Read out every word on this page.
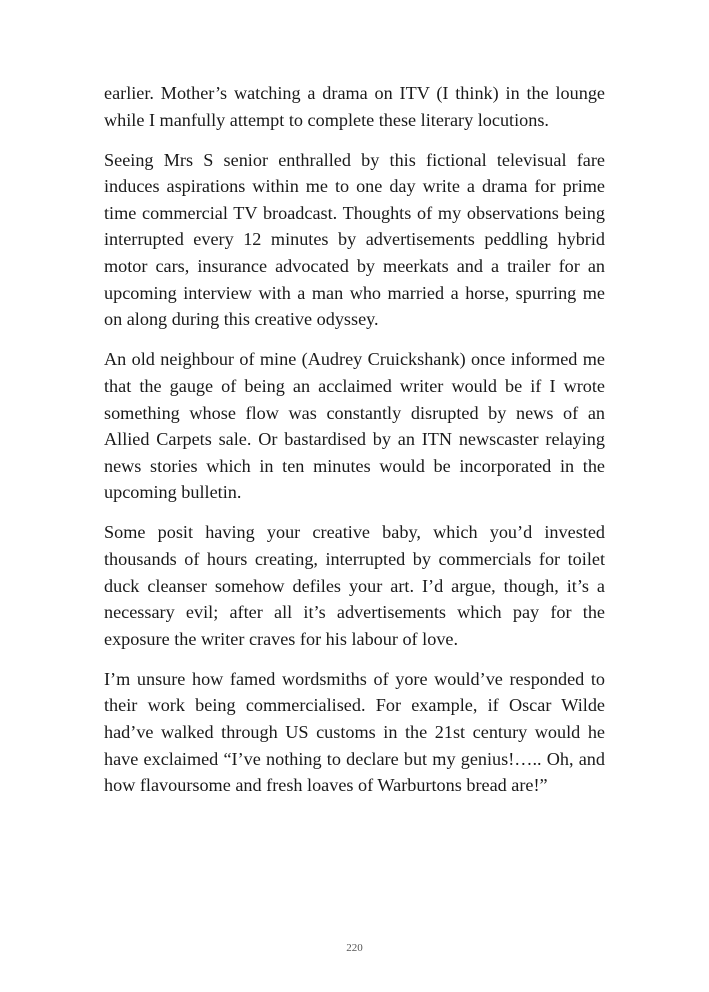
earlier. Mother’s watching a drama on ITV (I think) in the lounge while I manfully attempt to complete these literary locutions.

Seeing Mrs S senior enthralled by this fictional televisual fare induces aspirations within me to one day write a drama for prime time commercial TV broadcast. Thoughts of my observations being interrupted every 12 minutes by advertisements peddling hybrid motor cars, insurance advocated by meerkats and a trailer for an upcoming interview with a man who married a horse, spurring me on along during this creative odyssey.

An old neighbour of mine (Audrey Cruickshank) once informed me that the gauge of being an acclaimed writer would be if I wrote something whose flow was constantly disrupted by news of an Allied Carpets sale. Or bastardised by an ITN newscaster relaying news stories which in ten minutes would be incorporated in the upcoming bulletin.

Some posit having your creative baby, which you’d invested thousands of hours creating, interrupted by commercials for toilet duck cleanser somehow defiles your art. I’d argue, though, it’s a necessary evil; after all it’s advertisements which pay for the exposure the writer craves for his labour of love.

I’m unsure how famed wordsmiths of yore would’ve responded to their work being commercialised. For example, if Oscar Wilde had’ve walked through US customs in the 21st century would he have exclaimed “I’ve nothing to declare but my genius!….. Oh, and how flavoursome and fresh loaves of Warburtons bread are!”

220
